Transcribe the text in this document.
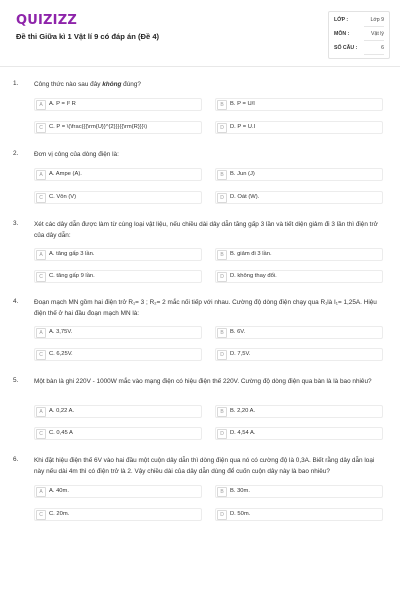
QUIZIZZ
Đề thi Giữa kì 1 Vật lí 9 có đáp án (Đề 4)
LỚP :	Lớp 9
MÔN :	Vật lý
SỐ CÂU :	6
1. Công thức nào sau đây không đúng?
A	A. P = I² R	B	B. P = U/I
C	C. P = \(\frac{{{\rm{U}}^{2}}}{{\rm{R}}}\)	D	D. P = U.I
2. Đơn vị công của dòng điện là:
A	A. Ampe (A).	B	B. Jun (J)
C	C. Vôn (V)	D	D. Oát (W).
3. Xét các dây dẫn được làm từ cùng loại vật liệu, nếu chiều dài dây dẫn tăng gấp 3 lần và tiết diện giảm đi 3 lần thì điện trở của dây dẫn:
A	A. tăng gấp 3 lần.	B	B. giảm đi 3 lần.
C	C. tăng gấp 9 lần.	D	D. không thay đổi.
4. Đoạn mạch MN gồm hai điện trở R₁= 3 ; R₂= 2 mắc nối tiếp với nhau. Cường độ dòng điện chạy qua R₁là I₁= 1,25A. Hiệu điện thế ở hai đầu đoạn mạch MN là:
A	A. 3,75V.	B	B. 6V.
C	C. 6,25V.	D	D. 7,5V.
5. Một bàn là ghi 220V - 1000W mắc vào mạng điện có hiệu điện thế 220V. Cường độ dòng điện qua bàn là là bao nhiêu?
A	A. 0,22 A.	B	B. 2,20 A.
C	C. 0,45 A	D	D. 4,54 A.
6. Khi đặt hiệu điện thế 6V vào hai đầu một cuộn dây dẫn thì dòng điện qua nó có cường độ là 0,3A. Biết rằng dây dẫn loại này nếu dài 4m thì có điện trở là 2. Vậy chiều dài của dây dẫn dùng để cuốn cuộn dây này là bao nhiêu?
A	A. 40m.	B	B. 30m.
C	C. 20m.	D	D. 50m.
